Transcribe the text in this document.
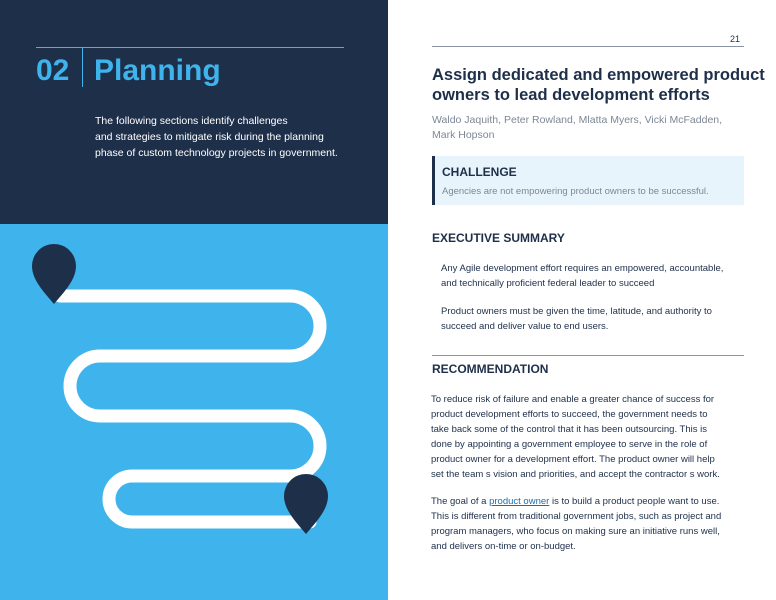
02 Planning
The following sections identify challenges
and strategies to mitigate risk during the planning
phase of custom technology projects in government.
21
Assign dedicated and empowered product
owners to lead development efforts
Waldo Jaquith, Peter Rowland, Mlatta Myers, Vicki McFadden,
Mark Hopson
CHALLENGE
Agencies are not empowering product owners to be successful.
EXECUTIVE SUMMARY
Any Agile development effort requires an empowered, accountable,
and technically proficient federal leader to succeed
Product owners must be given the time, latitude, and authority to
succeed and deliver value to end users.
RECOMMENDATION
To reduce risk of failure and enable a greater chance of success for
product development efforts to succeed, the government needs to
take back some of the control that it has been outsourcing. This is
done by appointing a government employee to serve in the role of
product owner for a development effort. The product owner will help
set the team s vision and priorities, and accept the contractor s work.
The goal of a product owner is to build a product people want to use.
This is different from traditional government jobs, such as project and
program managers, who focus on making sure an initiative runs well,
and delivers on-time or on-budget.
